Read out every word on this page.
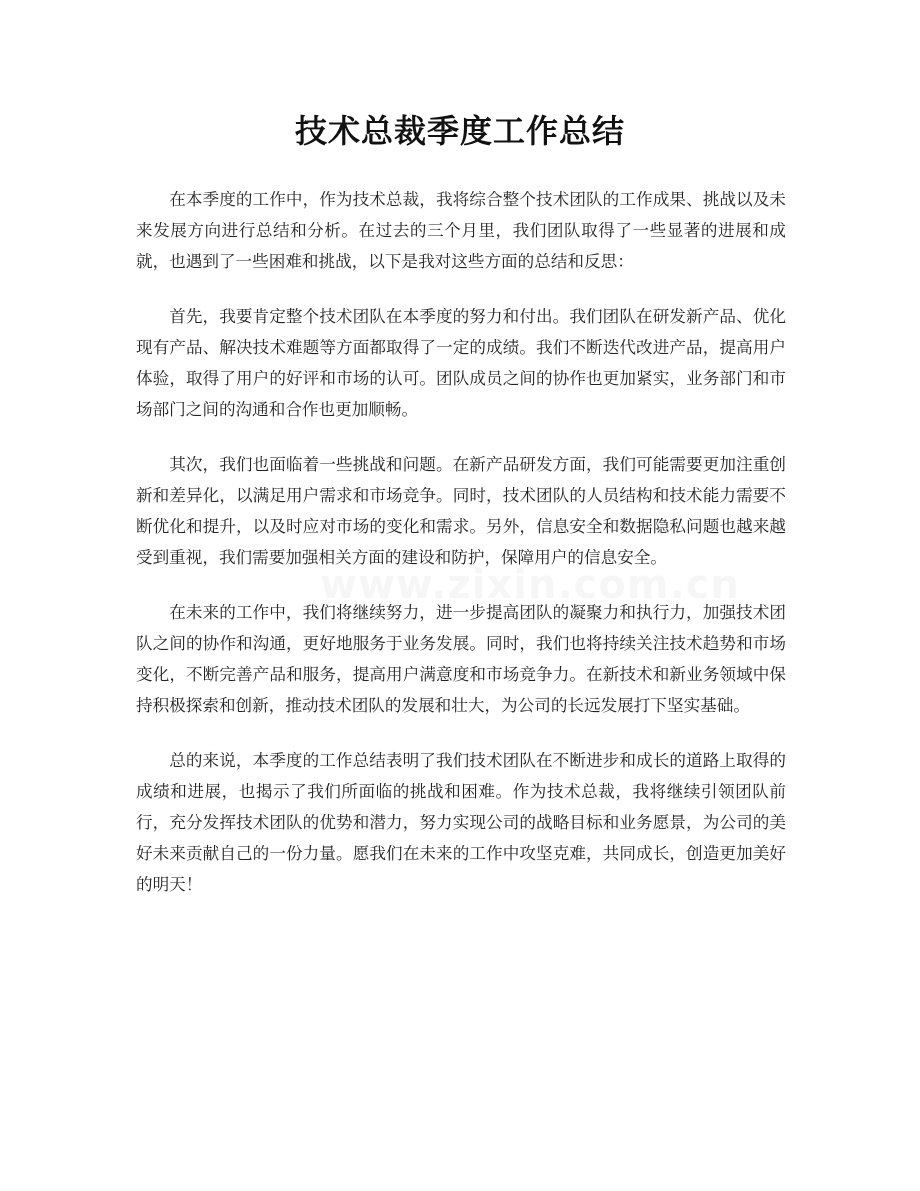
技术总裁季度工作总结

在本季度的工作中，作为技术总裁，我将综合整个技术团队的工作成果、挑战以及未来发展方向进行总结和分析。在过去的三个月里，我们团队取得了一些显著的进展和成就，也遇到了一些困难和挑战，以下是我对这些方面的总结和反思：

首先，我要肯定整个技术团队在本季度的努力和付出。我们团队在研发新产品、优化现有产品、解决技术难题等方面都取得了一定的成绩。我们不断迭代改进产品，提高用户体验，取得了用户的好评和市场的认可。团队成员之间的协作也更加紧实，业务部门和市场部门之间的沟通和合作也更加顺畅。

其次，我们也面临着一些挑战和问题。在新产品研发方面，我们可能需要更加注重创新和差异化，以满足用户需求和市场竞争。同时，技术团队的人员结构和技术能力需要不断优化和提升，以及时应对市场的变化和需求。另外，信息安全和数据隐私问题也越来越受到重视，我们需要加强相关方面的建设和防护，保障用户的信息安全。

在未来的工作中，我们将继续努力，进一步提高团队的凝聚力和执行力，加强技术团队之间的协作和沟通，更好地服务于业务发展。同时，我们也将持续关注技术趋势和市场变化，不断完善产品和服务，提高用户满意度和市场竞争力。在新技术和新业务领域中保持积极探索和创新，推动技术团队的发展和壮大，为公司的长远发展打下坚实基础。

总的来说，本季度的工作总结表明了我们技术团队在不断进步和成长的道路上取得的成绩和进展，也揭示了我们所面临的挑战和困难。作为技术总裁，我将继续引领团队前行，充分发挥技术团队的优势和潜力，努力实现公司的战略目标和业务愿景，为公司的美好未来贡献自己的一份力量。愿我们在未来的工作中攻坚克难，共同成长，创造更加美好的明天！
